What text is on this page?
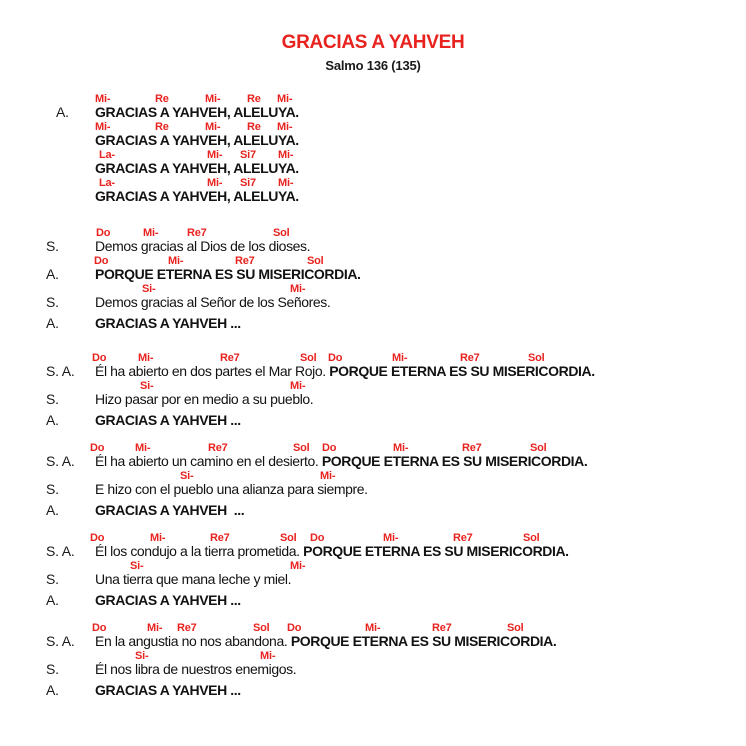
GRACIAS A YAHVEH
Salmo 136 (135)
Mi-	Re	Mi- Re Mi-
A. GRACIAS A YAHVEH, ALELUYA.
Mi-	Re	Mi- Re Mi-
GRACIAS A YAHVEH, ALELUYA.
La-	Mi- Si7 Mi-
GRACIAS A YAHVEH, ALELUYA.
La-	Mi- Si7 Mi-
GRACIAS A YAHVEH, ALELUYA.
Do	Mi-	Re7	Sol
S.	Demos gracias al Dios de los dioses.
Do	Mi-	Re7	Sol
A.	PORQUE ETERNA ES SU MISERICORDIA.
Si-	Mi-
S.	Demos gracias al Señor de los Señores.
A.	GRACIAS A YAHVEH ...
Do	Mi-	Re7	Sol Do	Mi-	Re7	Sol
S. A. Él ha abierto en dos partes el Mar Rojo. PORQUE ETERNA ES SU MISERICORDIA.
Si-	Mi-
S.	Hizo pasar por en medio a su pueblo.
A.	GRACIAS A YAHVEH ...
Do	Mi-	Re7	Sol Do	Mi-	Re7	Sol
S. A. Él ha abierto un camino en el desierto. PORQUE ETERNA ES SU MISERICORDIA.
Si-	Mi-
S.	E hizo con el pueblo una alianza para siempre.
A.	GRACIAS A YAHVEH  ...
Do	Mi-	Re7	Sol Do	Mi-	Re7	Sol
S. A. Él los condujo a la tierra prometida. PORQUE ETERNA ES SU MISERICORDIA.
Si-	Mi-
S.	Una tierra que mana leche y miel.
A.	GRACIAS A YAHVEH ...
Do	Mi- Re7	Sol Do	Mi-	Re7	Sol
S. A. En la angustia no nos abandona. PORQUE ETERNA ES SU MISERICORDIA.
Si-	Mi-
S.	Él nos libra de nuestros enemigos.
A.	GRACIAS A YAHVEH ...
